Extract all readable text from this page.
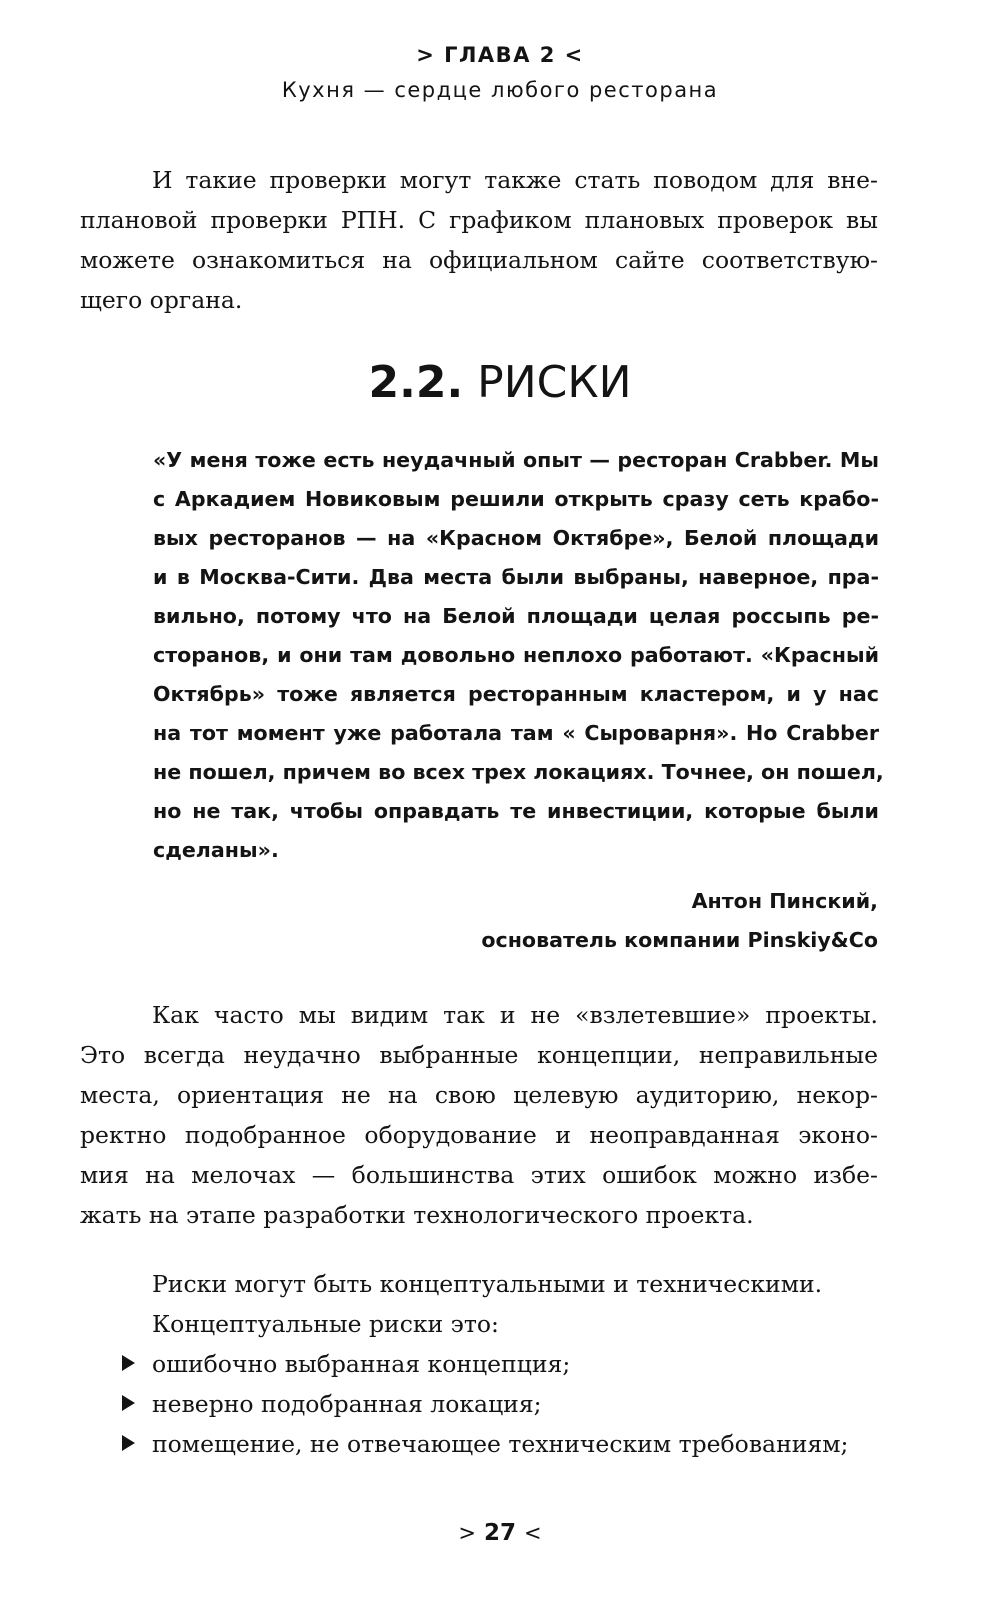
> ГЛАВА 2 <
Кухня — сердце любого ресторана
И такие проверки могут также стать поводом для вне-
плановой проверки РПН. С графиком плановых проверок вы
можете ознакомиться на официальном сайте соответствую-
щего органа.
2.2. РИСКИ
«У меня тоже есть неудачный опыт — ресторан Crabber. Мы
с Аркадием Новиковым решили открыть сразу сеть крабо-
вых ресторанов — на «Красном Октябре», Белой площади
и в Москва-Сити. Два места были выбраны, наверное, пра-
вильно, потому что на Белой площади целая россыпь ре-
сторанов, и они там довольно неплохо работают. «Красный
Октябрь» тоже является ресторанным кластером, и у нас
на тот момент уже работала там « Сыроварня». Но Crabber
не пошел, причем во всех трех локациях. Точнее, он пошел,
но не так, чтобы оправдать те инвестиции, которые были
сделаны».
Антон Пинский,
основатель компании Pinskiy&Co
Как часто мы видим так и не «взлетевшие» проекты.
Это всегда неудачно выбранные концепции, неправильные
места, ориентация не на свою целевую аудиторию, некор-
ректно подобранное оборудование и неоправданная эконо-
мия на мелочах — большинства этих ошибок можно избе-
жать на этапе разработки технологического проекта.
Риски могут быть концептуальными и техническими.
Концептуальные риски это:
ошибочно выбранная концепция;
неверно подобранная локация;
помещение, не отвечающее техническим требованиям;
> 27 <
